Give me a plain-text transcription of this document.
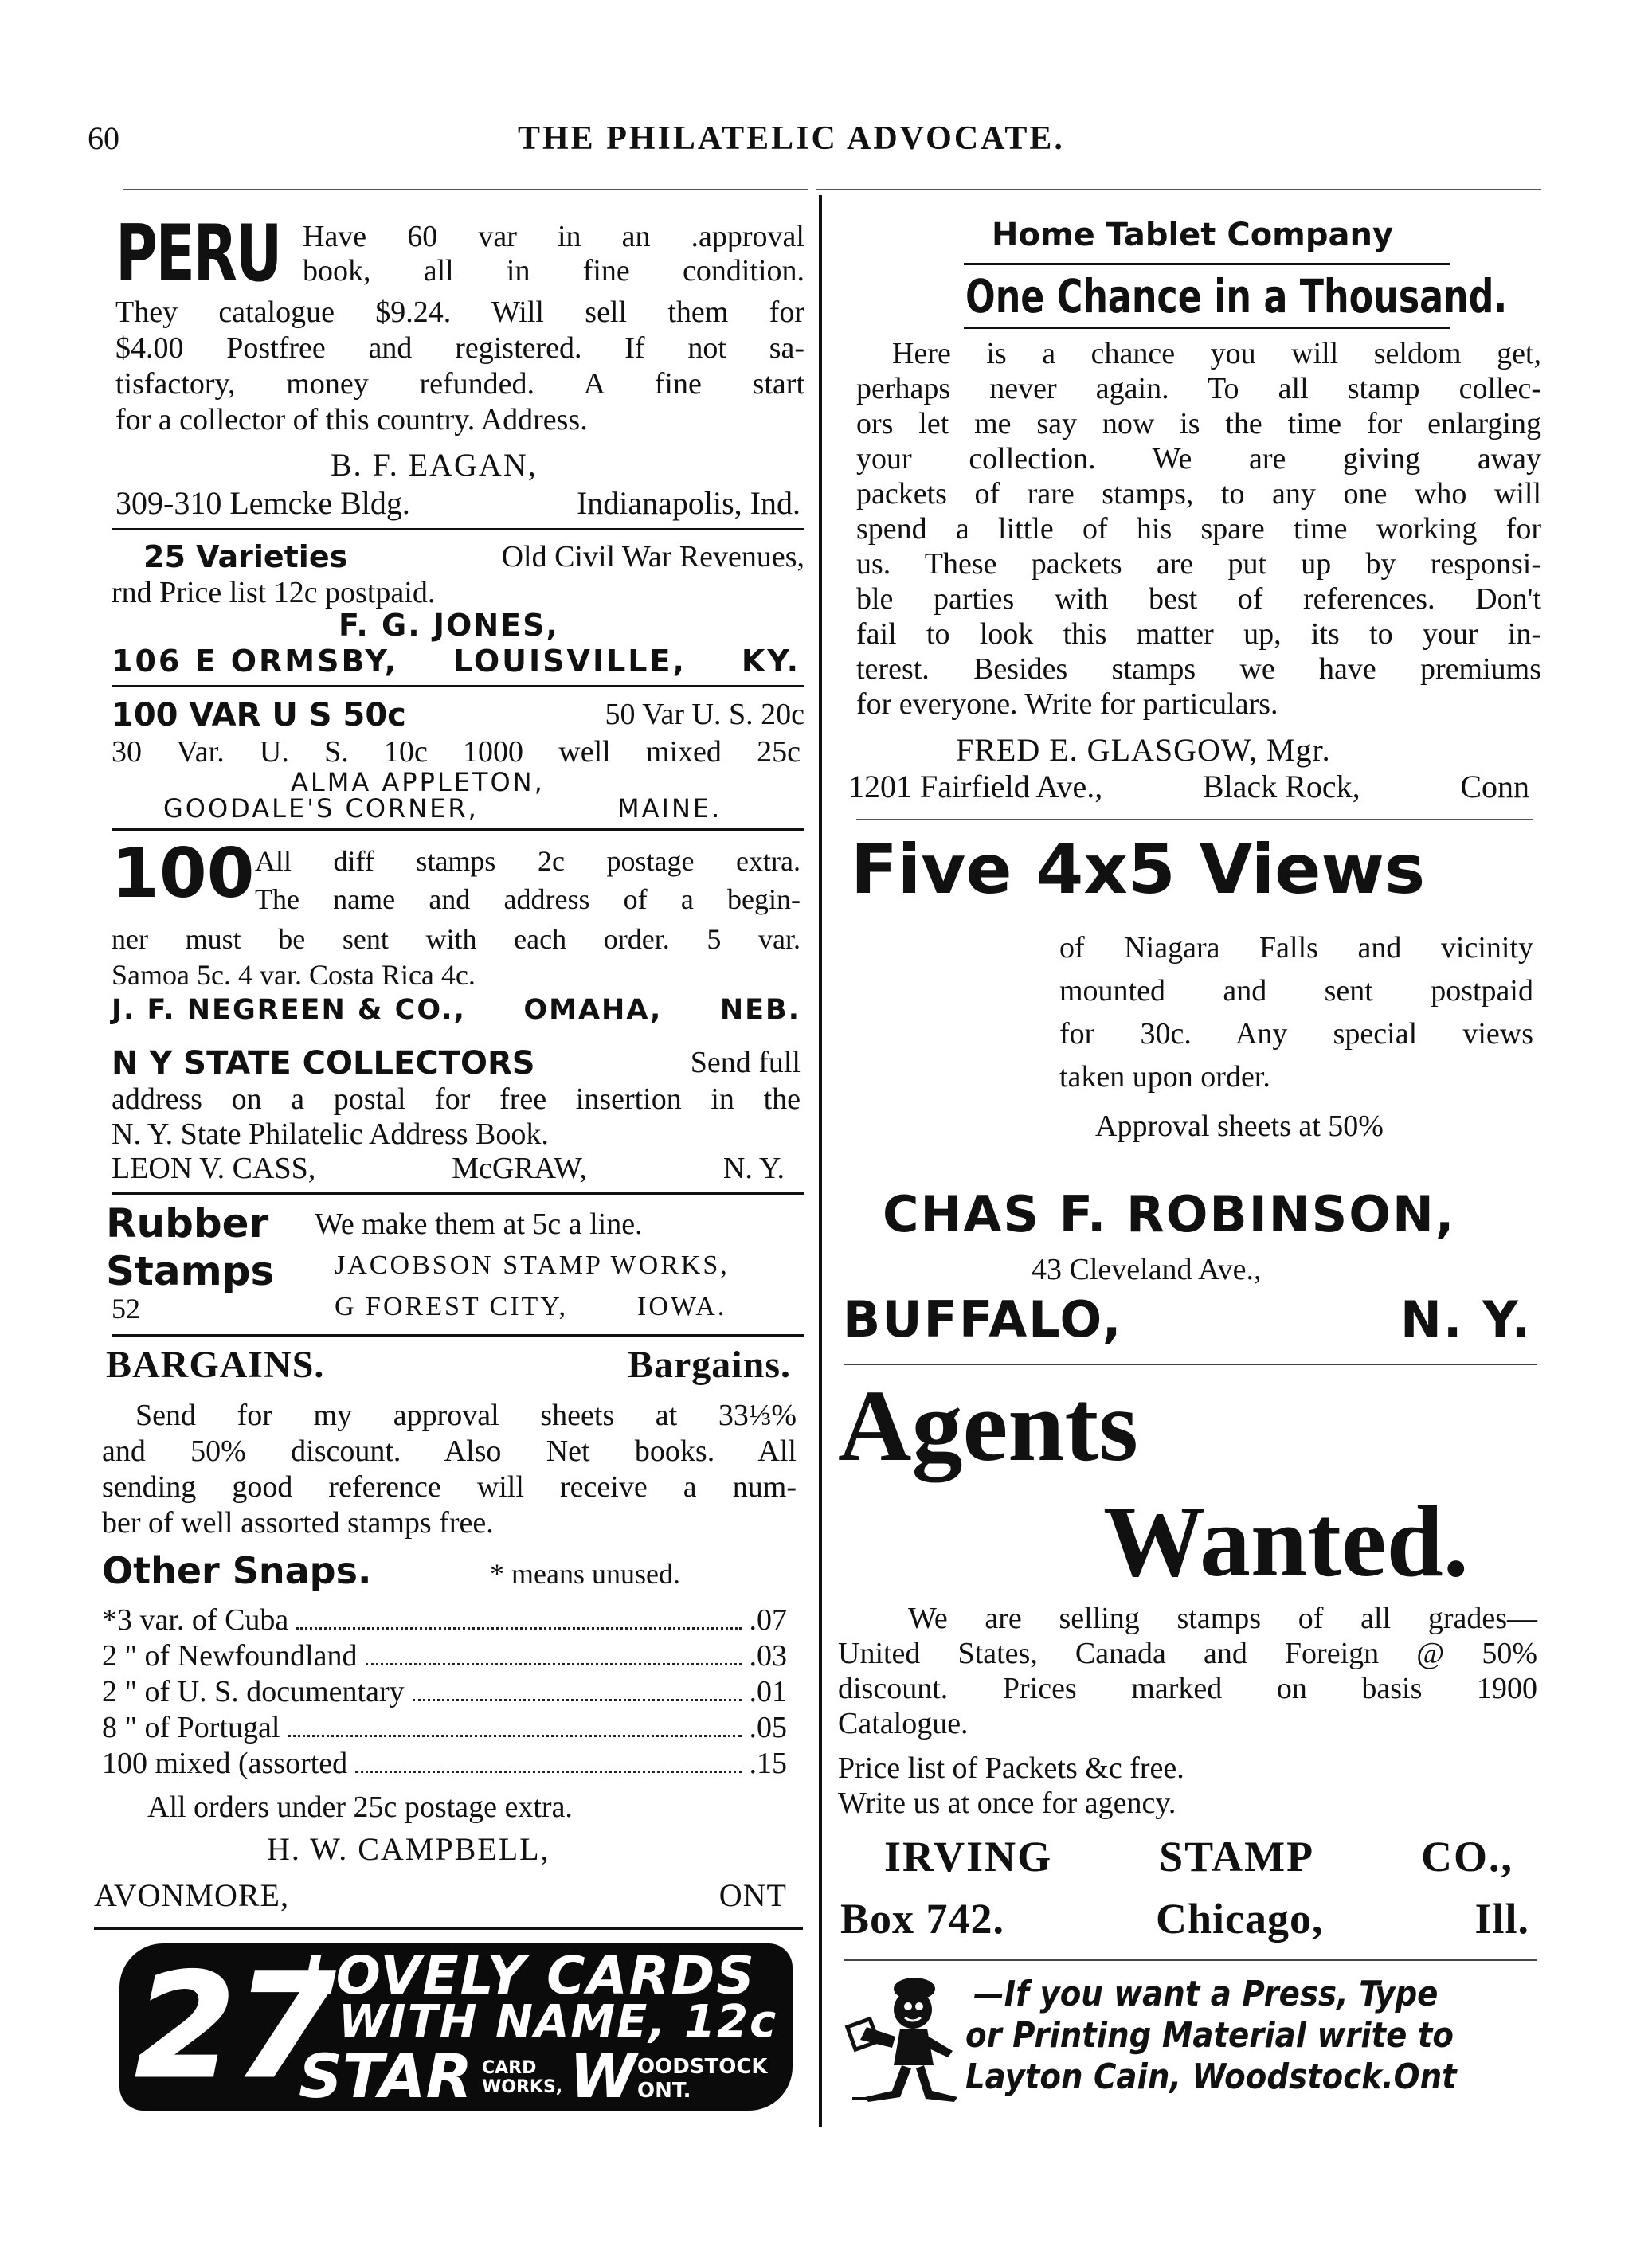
60	THE PHILATELIC ADVOCATE.
PERU Have 60 var in an .approval
book, all in fine condition.
They catalogue $9.24. Will sell them for
$4.00 Postfree and registered. If not sa-
tisfactory, money refunded. A fine start
for a collector of this country. Address.
B. F. EAGAN,
309-310 Lemcke Bldg.	Indianapolis, Ind.
25 Varieties	Old Civil War Revenues,
rnd Price list 12c postpaid.
F. G. JONES,
106 E ORMSBY, LOUISVILLE, KY.
100 VAR U S 50c	50 Var U. S. 20c
30 Var. U. S. 10c 1000 well mixed 25c
ALMA APPLETON,
GOODALE'S CORNER,	MAINE.
100 All diff stamps 2c postage extra.
The name and address of a begin-
ner must be sent with each order. 5 var.
Samoa 5c. 4 var. Costa Rica 4c.
J. F. NEGREEN & CO., OMAHA, NEB.
N Y STATE COLLECTORS	Send full
address on a postal for free insertion in the
N. Y. State Philatelic Address Book.
LEON V. CASS,	McGRAW,	N. Y.
Rubber
Stamps
We make them at 5c a line.
JACOBSON STAMP WORKS,
52	G FOREST CITY,	IOWA.
BARGAINS.	Bargains.
Send for my approval sheets at 33⅓%
and 50% discount. Also Net books. All
sending good reference will receive a num-
ber of well assorted stamps free.
Other Snaps.	* means unused.
*3 var. of Cuba	.07
2 " of Newfoundland	.03
2 " of U. S. documentary	.01
8 " of Portugal	.05
100 mixed (assorted	.15
All orders under 25c postage extra.
H. W. CAMPBELL,
AVONMORE,	ONT
27
LOVELY CARDS
WITH NAME, 12c
STAR CARD WORKS, W OODSTOCK ONT.
Home Tablet Company
One Chance in a Thousand.
Here is a chance you will seldom get,
perhaps never again. To all stamp collec-
ors let me say now is the time for enlarging
your collection. We are giving away
packets of rare stamps, to any one who will
spend a little of his spare time working for
us. These packets are put up by responsi-
ble parties with best of references. Don't
fail to look this matter up, its to your in-
terest. Besides stamps we have premiums
for everyone. Write for particulars.
FRED E. GLASGOW, Mgr.
1201 Fairfield Ave.,	Black Rock,	Conn
Five 4x5 Views
of Niagara Falls and vicinity
mounted and sent postpaid
for 30c. Any special views
taken upon order.
Approval sheets at 50%
CHAS F. ROBINSON,
43 Cleveland Ave.,
BUFFALO,	N. Y.
Agents
Wanted.
We are selling stamps of all grades—
United States, Canada and Foreign @ 50%
discount. Prices marked on basis 1900
Catalogue.
Price list of Packets &c free.
Write us at once for agency.
IRVING STAMP CO.,
Box 742.	Chicago,	Ill.
—If you want a Press, Type
or Printing Material write to
Layton Cain, Woodstock.Ont
